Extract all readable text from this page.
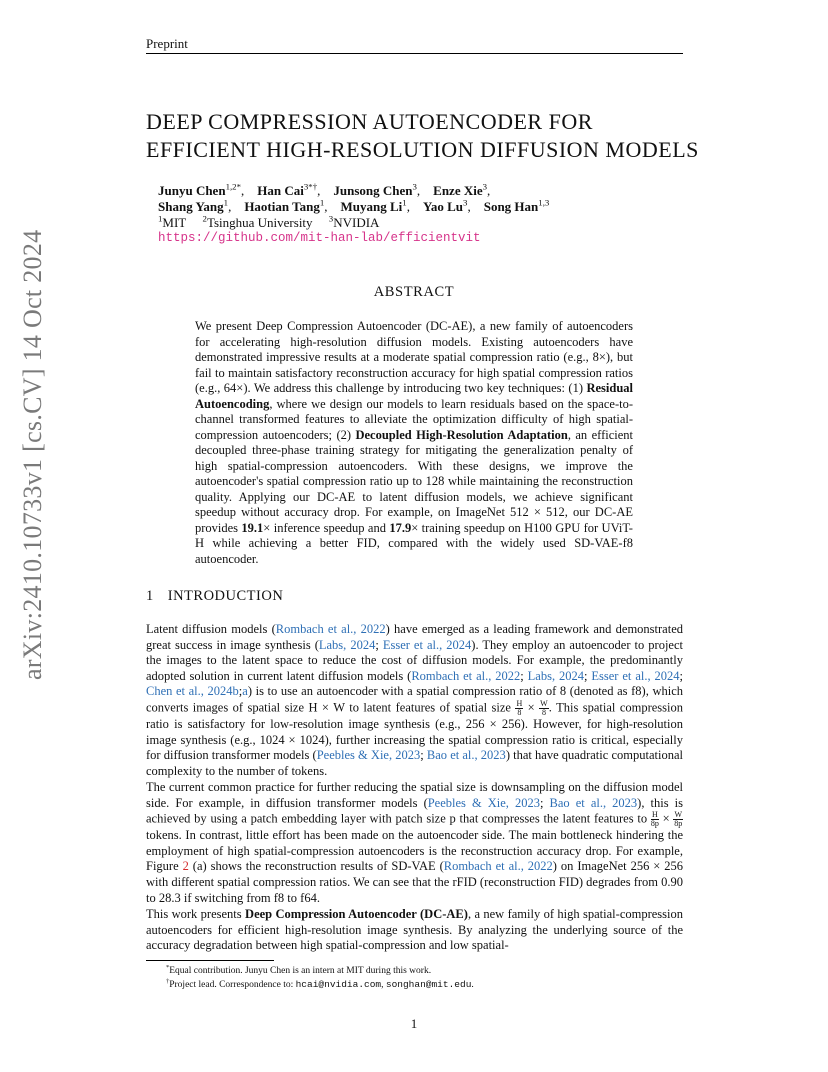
Preprint
arXiv:2410.10733v1 [cs.CV] 14 Oct 2024
DEEP COMPRESSION AUTOENCODER FOR
EFFICIENT HIGH-RESOLUTION DIFFUSION MODELS
Junyu Chen$^{1,2*}$,    Han Cai$^{3*\dagger}$,    Junsong Chen$^3$,    Enze Xie$^3$,
Shang Yang$^1$,    Haotian Tang$^1$,    Muyang Li$^1$,    Yao Lu$^3$,    Song Han$^{1,3}$
$^1$MIT $^2$Tsinghua University $^3$NVIDIA
https://github.com/mit-han-lab/efficientvit
ABSTRACT
We present Deep Compression Autoencoder (DC-AE), a new family of autoencoders for accelerating high-resolution diffusion models. Existing autoencoders have demonstrated impressive results at a moderate spatial compression ratio (e.g., 8×), but fail to maintain satisfactory reconstruction accuracy for high spatial compression ratios (e.g., 64×). We address this challenge by introducing two key techniques: (1) Residual Autoencoding, where we design our models to learn residuals based on the space-to-channel transformed features to alleviate the optimization difficulty of high spatial-compression autoencoders; (2) Decoupled High-Resolution Adaptation, an efficient decoupled three-phase training strategy for mitigating the generalization penalty of high spatial-compression autoencoders. With these designs, we improve the autoencoder's spatial compression ratio up to 128 while maintaining the reconstruction quality. Applying our DC-AE to latent diffusion models, we achieve significant speedup without accuracy drop. For example, on ImageNet 512 × 512, our DC-AE provides 19.1× inference speedup and 17.9× training speedup on H100 GPU for UViT-H while achieving a better FID, compared with the widely used SD-VAE-f8 autoencoder.
1 INTRODUCTION
Latent diffusion models (Rombach et al., 2022) have emerged as a leading framework and demonstrated great success in image synthesis (Labs, 2024; Esser et al., 2024). They employ an autoencoder to project the images to the latent space to reduce the cost of diffusion models. For example, the predominantly adopted solution in current latent diffusion models (Rombach et al., 2022; Labs, 2024; Esser et al., 2024; Chen et al., 2024b;a) is to use an autoencoder with a spatial compression ratio of 8 (denoted as f8), which converts images of spatial size H × W to latent features of spatial size $\frac{H}{8} \times \frac{W}{8}$ . This spatial compression ratio is satisfactory for low-resolution image synthesis (e.g., 256 × 256). However, for high-resolution image synthesis (e.g., 1024 × 1024), further increasing the spatial compression ratio is critical, especially for diffusion transformer models (Peebles & Xie, 2023; Bao et al., 2023) that have quadratic computational complexity to the number of tokens.
The current common practice for further reducing the spatial size is downsampling on the diffusion model side. For example, in diffusion transformer models (Peebles & Xie, 2023; Bao et al., 2023), this is achieved by using a patch embedding layer with patch size p that compresses the latent features to $\frac{H}{8p} \times \frac{W}{8p}$
tokens. In contrast, little effort has been made on the autoencoder side. The main bottleneck hindering the employment of high spatial-compression autoencoders is the reconstruction accuracy drop. For example, Figure 2 (a) shows the reconstruction results of SD-VAE (Rombach et al., 2022) on ImageNet 256 × 256 with different spatial compression ratios. We can see that the rFID (reconstruction FID) degrades from 0.90 to 28.3 if switching from f8 to f64.
This work presents Deep Compression Autoencoder (DC-AE), a new family of high spatial-compression autoencoders for efficient high-resolution image synthesis. By analyzing the underlying source of the accuracy degradation between high spatial-compression and low spatial-
*Equal contribution. Junyu Chen is an intern at MIT during this work.
†Project lead. Correspondence to: hcai@nvidia.com, songhan@mit.edu.
1
